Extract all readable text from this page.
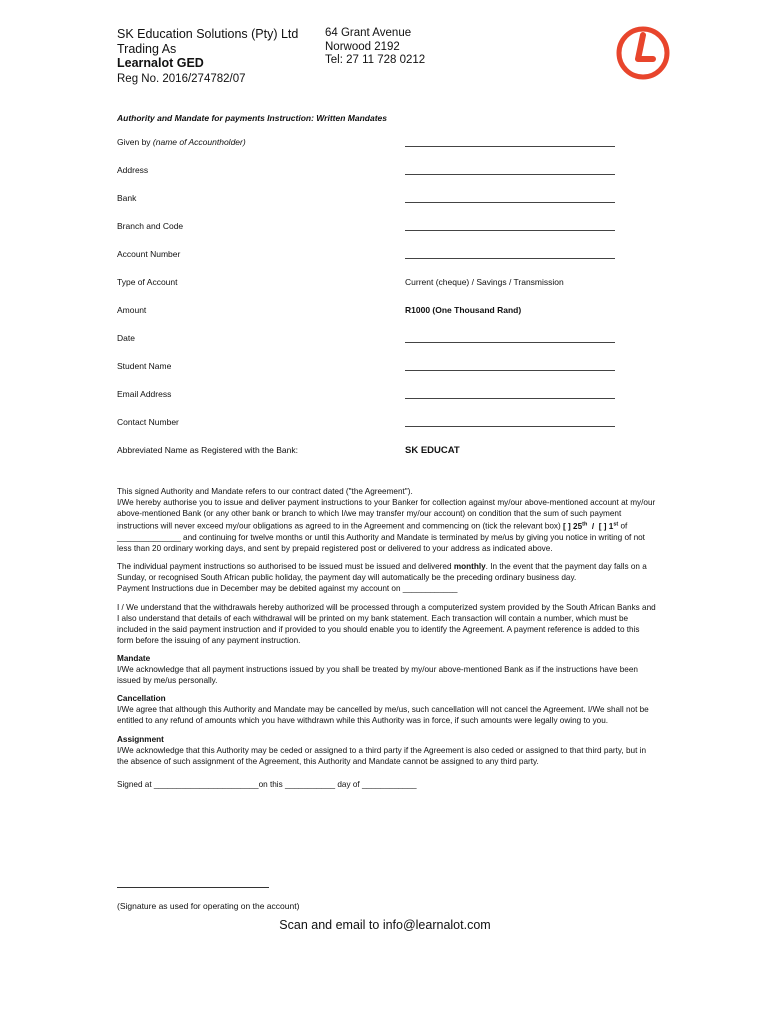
SK Education Solutions (Pty) Ltd
Trading As
Learnalot GED
Reg No. 2016/274782/07
64 Grant Avenue
Norwood 2192
Tel: 27 11 728 0212
Authority and Mandate for payments Instruction: Written Mandates
Given by (name of Accountholder)
Address
Bank
Branch and Code
Account Number
Type of Account	Current (cheque) / Savings / Transmission
Amount	R1000 (One Thousand Rand)
Date
Student Name
Email Address
Contact Number
Abbreviated Name as Registered with the Bank:	SK EDUCAT

This signed Authority and Mandate refers to our contract dated ("the Agreement").
I/We hereby authorise you to issue and deliver payment instructions to your Banker for collection against my/our above-mentioned account at my/our above-mentioned Bank (or any other bank or branch to which I/we may transfer my/our account) on condition that the sum of such payment instructions will never exceed my/our obligations as agreed to in the Agreement and commencing on (tick the relevant box) [ ] 25th / [ ] 1st of ______________ and continuing for twelve months or until this Authority and Mandate is terminated by me/us by giving you notice in writing of not less than 20 ordinary working days, and sent by prepaid registered post or delivered to your address as indicated above.

The individual payment instructions so authorised to be issued must be issued and delivered monthly. In the event that the payment day falls on a Sunday, or recognised South African public holiday, the payment day will automatically be the preceding ordinary business day.
Payment Instructions due in December may be debited against my account on ____________

I / We understand that the withdrawals hereby authorized will be processed through a computerized system provided by the South African Banks and I also understand that details of each withdrawal will be printed on my bank statement. Each transaction will contain a number, which must be included in the said payment instruction and if provided to you should enable you to identify the Agreement. A payment reference is added to this form before the issuing of any payment instruction.

Mandate
I/We acknowledge that all payment instructions issued by you shall be treated by my/our above-mentioned Bank as if the instructions have been issued by me/us personally.

Cancellation
I/We agree that although this Authority and Mandate may be cancelled by me/us, such cancellation will not cancel the Agreement. I/We shall not be entitled to any refund of amounts which you have withdrawn while this Authority was in force, if such amounts were legally owing to you.

Assignment
I/We acknowledge that this Authority may be ceded or assigned to a third party if the Agreement is also ceded or assigned to that third party, but in the absence of such assignment of the Agreement, this Authority and Mandate cannot be assigned to any third party.

Signed at _______________________on this ___________ day of ____________

(Signature as used for operating on the account)
Scan and email to info@learnalot.com
